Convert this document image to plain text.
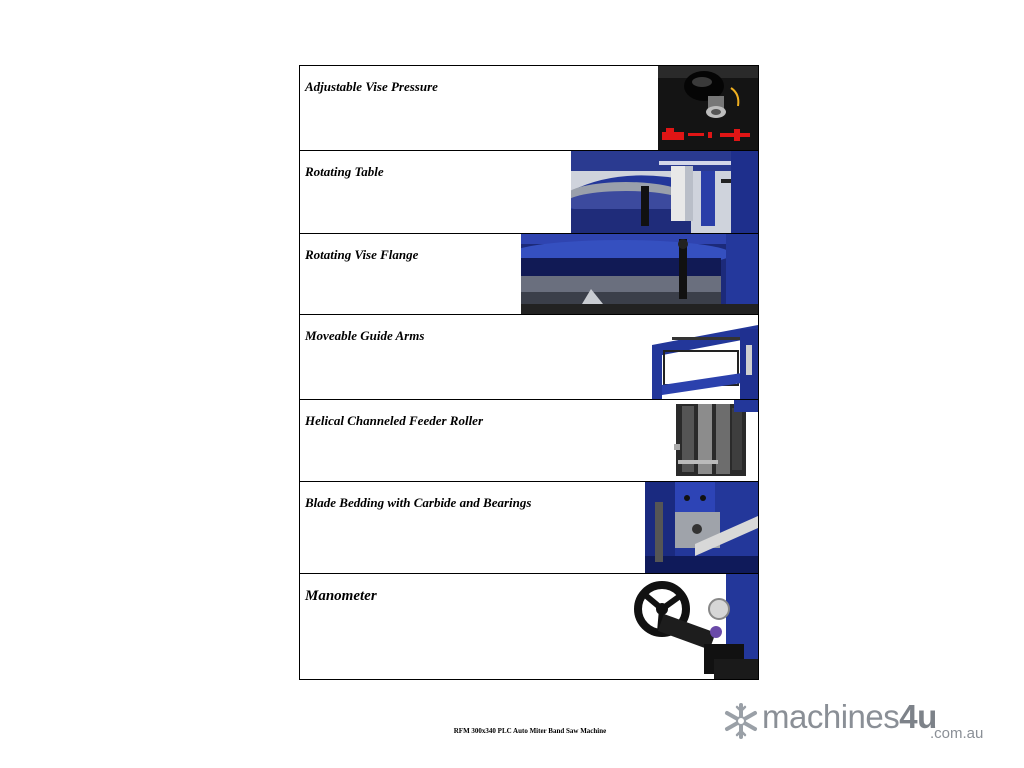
Adjustable Vise Pressure
Rotating Table
Rotating Vise Flange
Moveable Guide Arms
Helical Channeled Feeder Roller
Blade Bedding with Carbide and Bearings
Manometer
RFM 300x340 PLC Auto Miter Band Saw Machine	machines4u
.com.au
